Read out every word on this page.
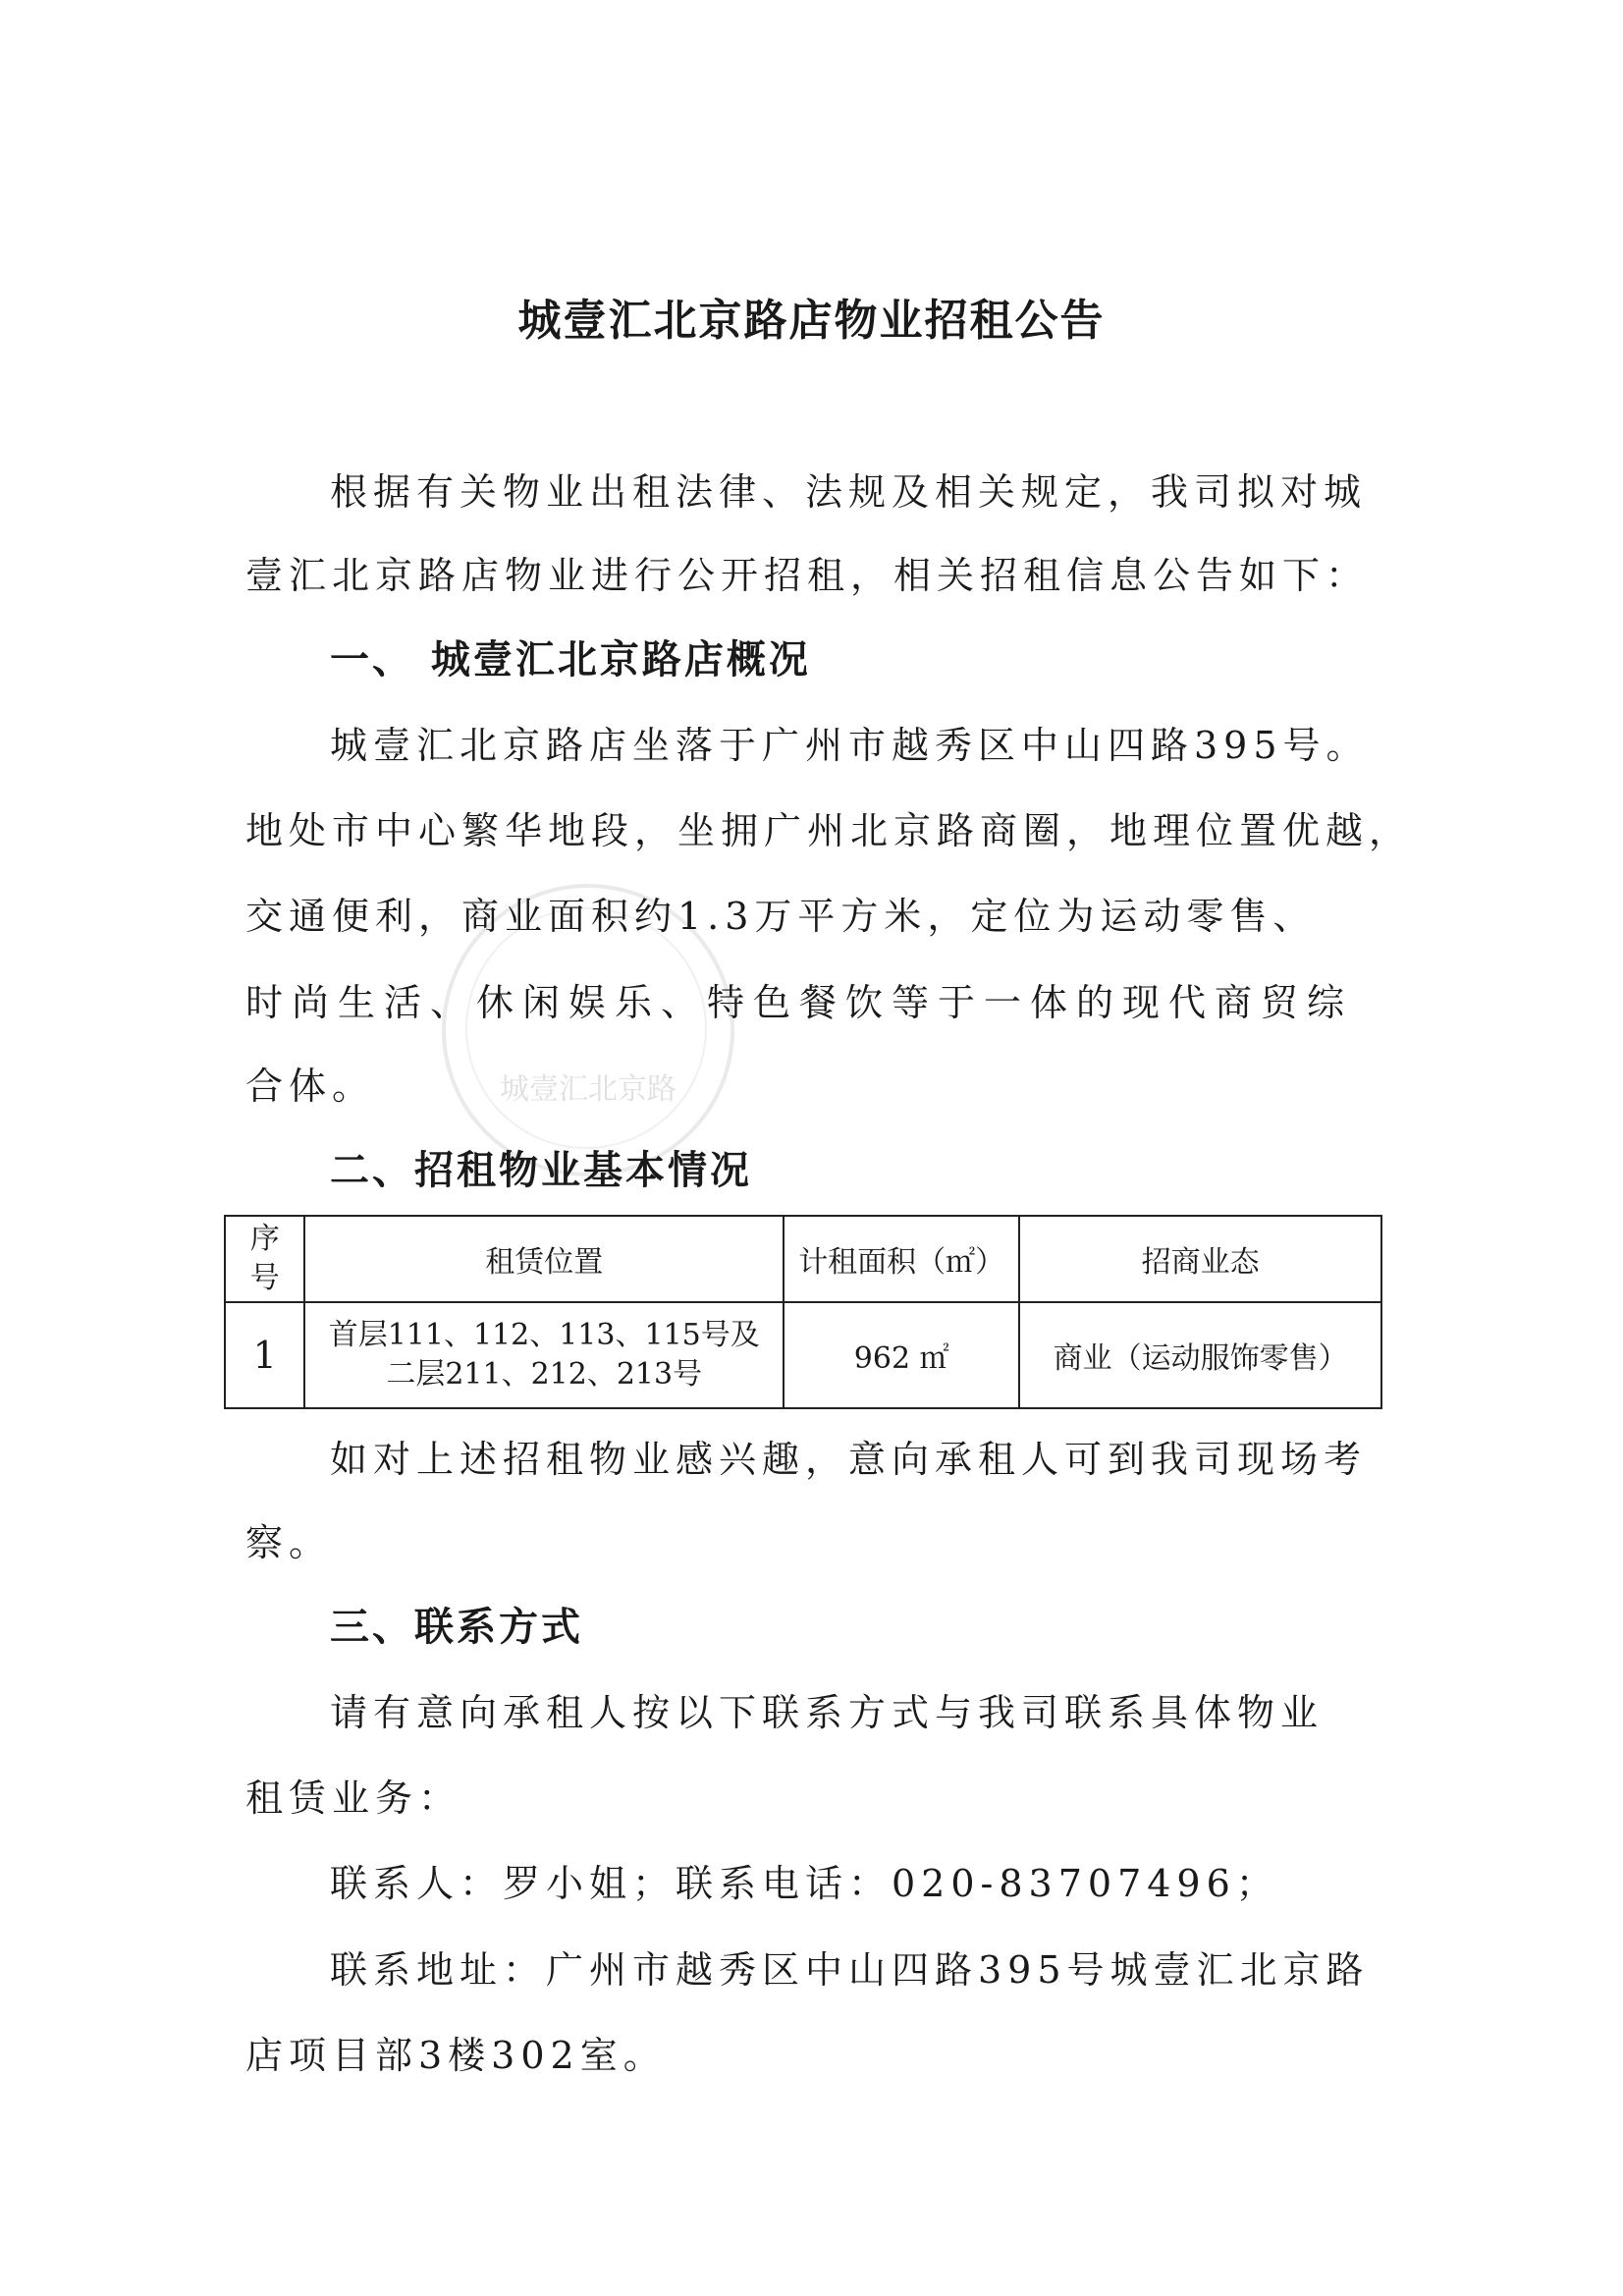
城壹汇北京路
城壹汇北京路店物业招租公告
根据有关物业出租法律、法规及相关规定，我司拟对城
壹汇北京路店物业进行公开招租，相关招租信息公告如下：
一、 城壹汇北京路店概况
城壹汇北京路店坐落于广州市越秀区中山四路395号。
地处市中心繁华地段，坐拥广州北京路商圈，地理位置优越，
交通便利，商业面积约1.3万平方米，定位为运动零售、
时尚生活、休闲娱乐、特色餐饮等于一体的现代商贸综
合体。
二、招租物业基本情况
序
号	租赁位置	计租面积（㎡）	招商业态
1	首层111、112、113、115号及
二层211、212、213号	962 ㎡	商业（运动服饰零售）
如对上述招租物业感兴趣，意向承租人可到我司现场考
察。
三、联系方式
请有意向承租人按以下联系方式与我司联系具体物业
租赁业务：
联系人：罗小姐；联系电话：020-83707496；
联系地址：广州市越秀区中山四路395号城壹汇北京路
店项目部3楼302室。
